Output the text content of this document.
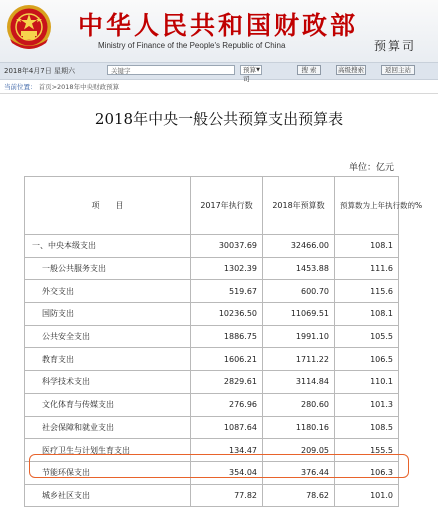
中华人民共和国财政部
Ministry of Finance of the People's Republic of China	预算司
2018年4月7日 星期六	关键字	预算司
▼	搜 索	高级搜索	返回主站
当前位置： 首页>2018年中央财政预算
2018年中央一般公共预算支出预算表
单位：亿元
项　　目	2017年执行数	2018年预算数	预算数为上年执行数的%
一、中央本级支出	30037.69	32466.00	108.1
一般公共服务支出	1302.39	1453.88	111.6
外交支出	519.67	600.70	115.6
国防支出	10236.50	11069.51	108.1
公共安全支出	1886.75	1991.10	105.5
教育支出	1606.21	1711.22	106.5
科学技术支出	2829.61	3114.84	110.1
文化体育与传媒支出	276.96	280.60	101.3
社会保障和就业支出	1087.64	1180.16	108.5
医疗卫生与计划生育支出	134.47	209.05	155.5
节能环保支出	354.04	376.44	106.3
城乡社区支出	77.82	78.62	101.0
